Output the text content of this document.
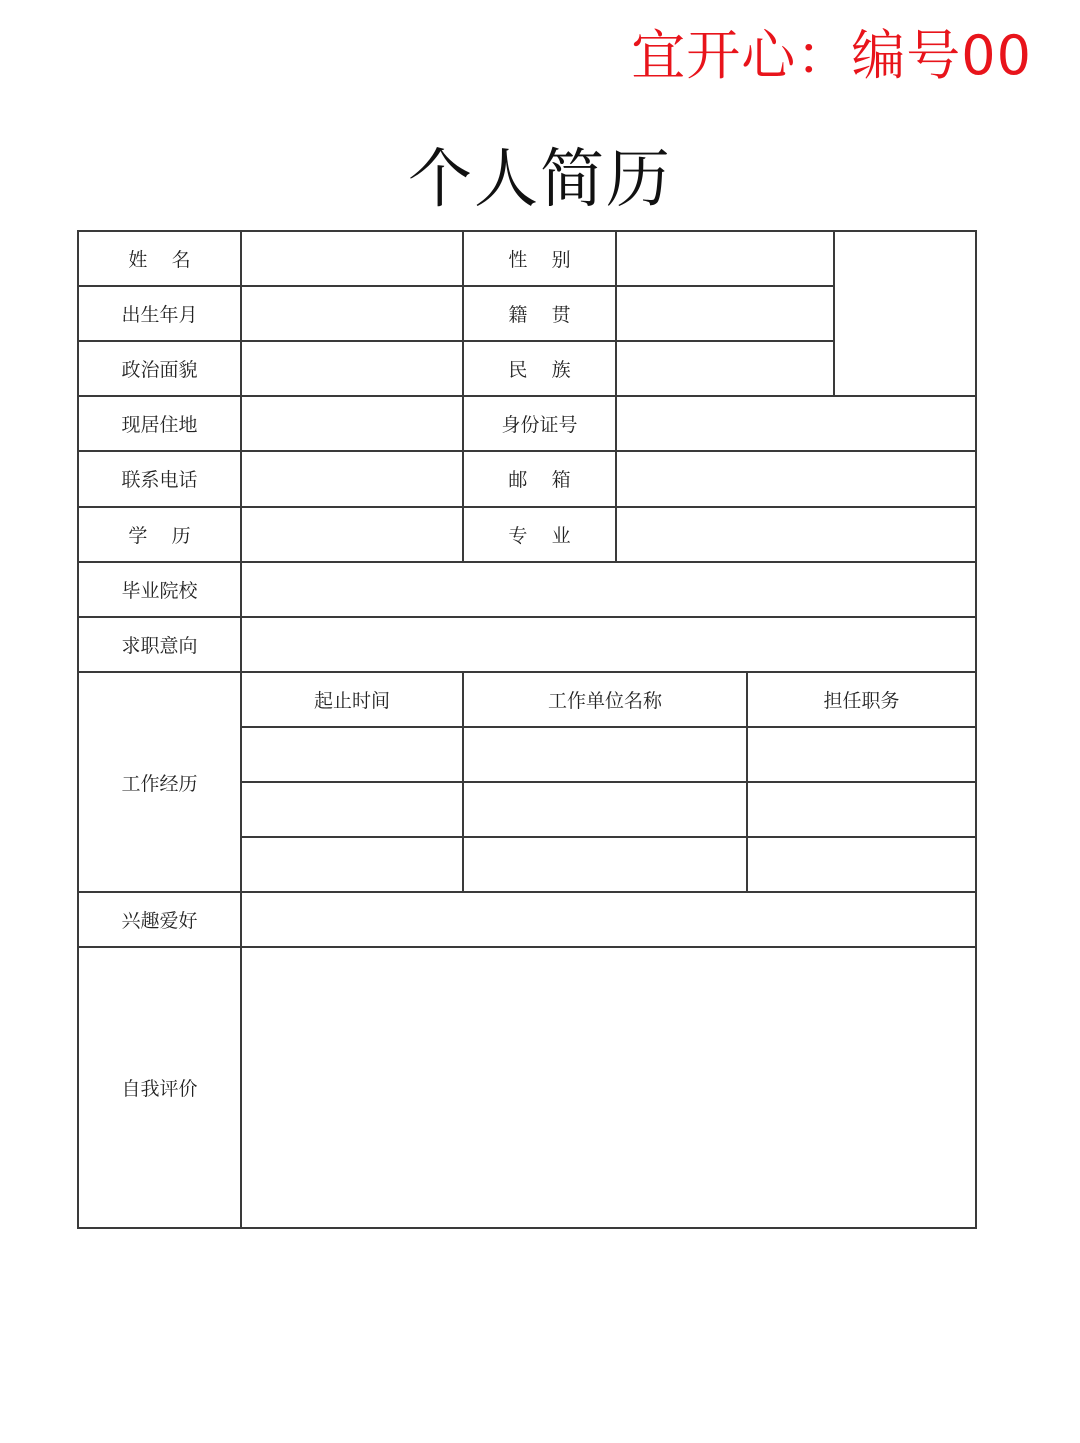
宜开心：编号00
个人简历
姓    名		性    别			
出生年月		籍    贯			
政治面貌		民    族			
现居住地		身份证号			
联系电话		邮    箱			
学    历		专    业			
毕业院校					
求职意向					
工作经历	起止时间	工作单位名称		担任职务	

兴趣爱好					
自我评价					
